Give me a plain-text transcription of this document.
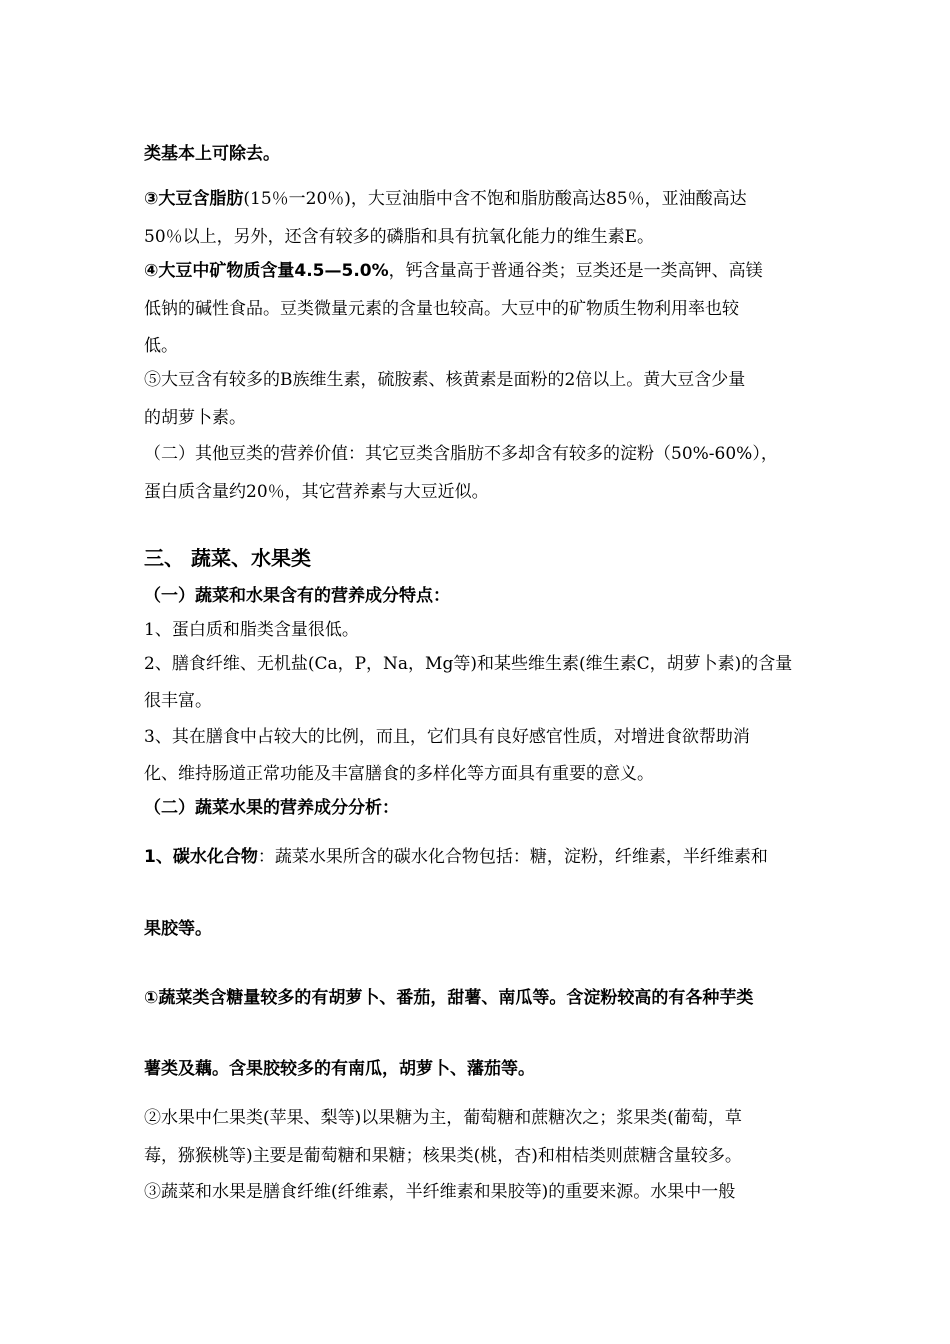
类基本上可除去。

③大豆含脂肪(15％一20％)，大豆油脂中含不饱和脂肪酸高达85％，亚油酸高达

50％以上，另外，还含有较多的磷脂和具有抗氧化能力的维生素E。

④大豆中矿物质含量4.5—5.0%，钙含量高于普通谷类；豆类还是一类高钾、高镁

低钠的碱性食品。豆类微量元素的含量也较高。大豆中的矿物质生物利用率也较

低。

⑤大豆含有较多的B族维生素，硫胺素、核黄素是面粉的2倍以上。黄大豆含少量

的胡萝卜素。

（二）其他豆类的营养价值：其它豆类含脂肪不多却含有较多的淀粉（50%-60%），

蛋白质含量约20％，其它营养素与大豆近似。

三、 蔬菜、水果类

（一）蔬菜和水果含有的营养成分特点：

1、蛋白质和脂类含量很低。

2、膳食纤维、无机盐(Ca，P，Na，Mg等)和某些维生素(维生素C，胡萝卜素)的含量

很丰富。

3、其在膳食中占较大的比例，而且，它们具有良好感官性质，对增进食欲帮助消

化、维持肠道正常功能及丰富膳食的多样化等方面具有重要的意义。

（二）蔬菜水果的营养成分分析：

1、碳水化合物：蔬菜水果所含的碳水化合物包括：糖，淀粉，纤维素，半纤维素和

果胶等。

①蔬菜类含糖量较多的有胡萝卜、番茄，甜薯、南瓜等。含淀粉较高的有各种芋类

薯类及藕。含果胶较多的有南瓜，胡萝卜、藩茄等。

②水果中仁果类(苹果、梨等)以果糖为主，葡萄糖和蔗糖次之；浆果类(葡萄，草

莓，猕猴桃等)主要是葡萄糖和果糖；核果类(桃，杏)和柑桔类则蔗糖含量较多。

③蔬菜和水果是膳食纤维(纤维素，半纤维素和果胶等)的重要来源。水果中一般
